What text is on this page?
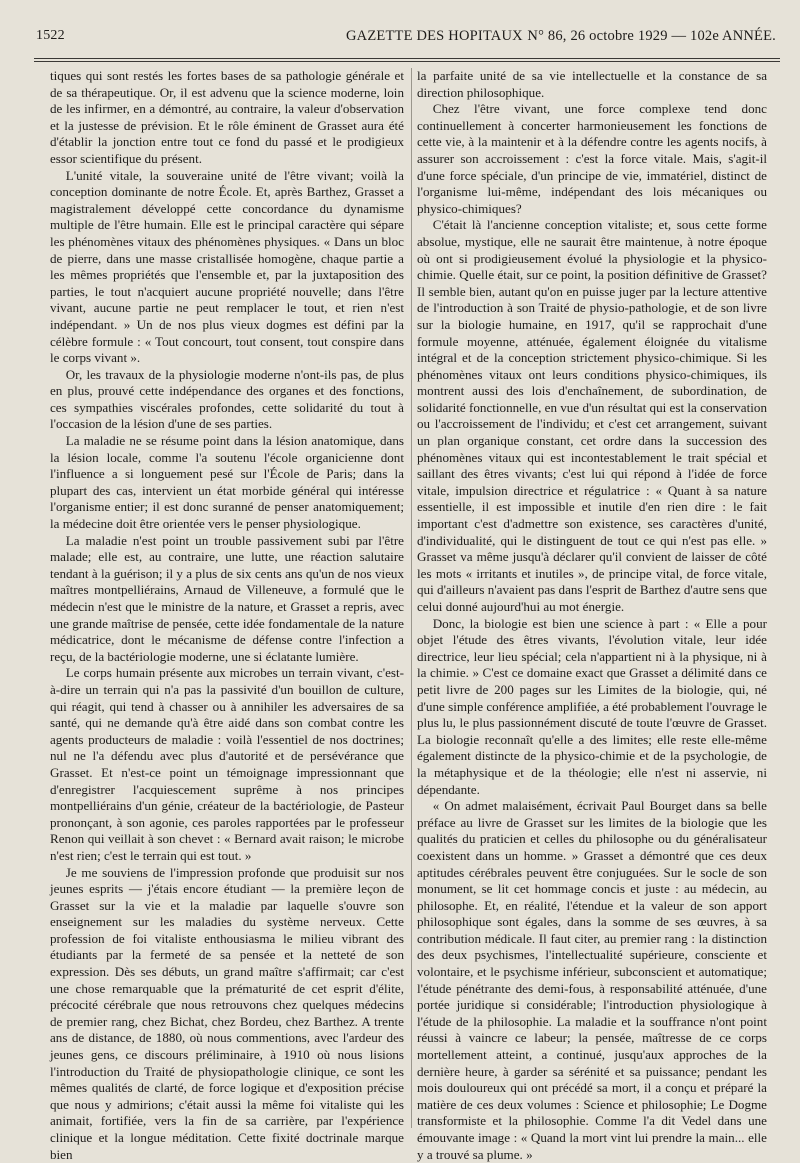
1522	GAZETTE DES HOPITAUX N° 86, 26 octobre 1929 — 102e ANNÉE.

tiques qui sont restés les fortes bases de sa pathologie générale et de sa thérapeutique. Or, il est advenu que la science moderne, loin de les infirmer, en a démontré, au contraire, la valeur d'observation et la justesse de prévision. Et le rôle éminent de Grasset aura été d'établir la jonction entre tout ce fond du passé et le prodigieux essor scientifique du présent.

L'unité vitale, la souveraine unité de l'être vivant; voilà la conception dominante de notre École. Et, après Barthez, Grasset a magistralement développé cette concordance du dynamisme multiple de l'être humain. Elle est le principal caractère qui sépare les phénomènes vitaux des phénomènes physiques. « Dans un bloc de pierre, dans une masse cristallisée homogène, chaque partie a les mêmes propriétés que l'ensemble et, par la juxtaposition des parties, le tout n'acquiert aucune propriété nouvelle; dans l'être vivant, aucune partie ne peut remplacer le tout, et rien n'est indépendant. » Un de nos plus vieux dogmes est défini par la célèbre formule : « Tout concourt, tout consent, tout conspire dans le corps vivant ».

Or, les travaux de la physiologie moderne n'ont-ils pas, de plus en plus, prouvé cette indépendance des organes et des fonctions, ces sympathies viscérales profondes, cette solidarité du tout à l'occasion de la lésion d'une de ses parties.

La maladie ne se résume point dans la lésion anatomique, dans la lésion locale, comme l'a soutenu l'école organicienne dont l'influence a si longuement pesé sur l'École de Paris; dans la plupart des cas, intervient un état morbide général qui intéresse l'organisme entier; il est donc suranné de penser anatomiquement; la médecine doit être orientée vers le penser physiologique.

La maladie n'est point un trouble passivement subi par l'être malade; elle est, au contraire, une lutte, une réaction salutaire tendant à la guérison; il y a plus de six cents ans qu'un de nos vieux maîtres montpelliérains, Arnaud de Villeneuve, a formulé que le médecin n'est que le ministre de la nature, et Grasset a repris, avec une grande maîtrise de pensée, cette idée fondamentale de la nature médicatrice, dont le mécanisme de défense contre l'infection a reçu, de la bactériologie moderne, une si éclatante lumière.

Le corps humain présente aux microbes un terrain vivant, c'est-à-dire un terrain qui n'a pas la passivité d'un bouillon de culture, qui réagit, qui tend à chasser ou à annihiler les adversaires de sa santé, qui ne demande qu'à être aidé dans son combat contre les agents producteurs de maladie : voilà l'essentiel de nos doctrines; nul ne l'a défendu avec plus d'autorité et de persévérance que Grasset. Et n'est-ce point un témoignage impressionnant que d'enregistrer l'acquiescement suprême à nos principes montpelliérains d'un génie, créateur de la bactériologie, de Pasteur prononçant, à son agonie, ces paroles rapportées par le professeur Renon qui veillait à son chevet : « Bernard avait raison; le microbe n'est rien; c'est le terrain qui est tout. »

Je me souviens de l'impression profonde que produisit sur nos jeunes esprits — j'étais encore étudiant — la première leçon de Grasset sur la vie et la maladie par laquelle s'ouvre son enseignement sur les maladies du système nerveux. Cette profession de foi vitaliste enthousiasma le milieu vibrant des étudiants par la fermeté de sa pensée et la netteté de son expression. Dès ses débuts, un grand maître s'affirmait; car c'est une chose remarquable que la prématurité de cet esprit d'élite, précocité cérébrale que nous retrouvons chez quelques médecins de premier rang, chez Bichat, chez Bordeu, chez Barthez. A trente ans de distance, de 1880, où nous commentions, avec l'ardeur des jeunes gens, ce discours préliminaire, à 1910 où nous lisions l'introduction du Traité de physiopathologie clinique, ce sont les mêmes qualités de clarté, de force logique et d'exposition précise que nous y admirions; c'était aussi la même foi vitaliste qui les animait, fortifiée, vers la fin de sa carrière, par l'expérience clinique et la longue méditation. Cette fixité doctrinale marque bien

la parfaite unité de sa vie intellectuelle et la constance de sa direction philosophique.

Chez l'être vivant, une force complexe tend donc continuellement à concerter harmonieusement les fonctions de cette vie, à la maintenir et à la défendre contre les agents nocifs, à assurer son accroissement : c'est la force vitale. Mais, s'agit-il d'une force spéciale, d'un principe de vie, immatériel, distinct de l'organisme lui-même, indépendant des lois mécaniques ou physico-chimiques?

C'était là l'ancienne conception vitaliste; et, sous cette forme absolue, mystique, elle ne saurait être maintenue, à notre époque où ont si prodigieusement évolué la physiologie et la physico-chimie. Quelle était, sur ce point, la position définitive de Grasset? Il semble bien, autant qu'on en puisse juger par la lecture attentive de l'introduction à son Traité de physio-pathologie, et de son livre sur la biologie humaine, en 1917, qu'il se rapprochait d'une formule moyenne, atténuée, également éloignée du vitalisme intégral et de la conception strictement physico-chimique. Si les phénomènes vitaux ont leurs conditions physico-chimiques, ils montrent aussi des lois d'enchaînement, de subordination, de solidarité fonctionnelle, en vue d'un résultat qui est la conservation ou l'accroissement de l'individu; et c'est cet arrangement, suivant un plan organique constant, cet ordre dans la succession des phénomènes vitaux qui est incontestablement le trait spécial et saillant des êtres vivants; c'est lui qui répond à l'idée de force vitale, impulsion directrice et régulatrice : « Quant à sa nature essentielle, il est impossible et inutile d'en rien dire : le fait important c'est d'admettre son existence, ses caractères d'unité, d'individualité, qui le distinguent de tout ce qui n'est pas elle. » Grasset va même jusqu'à déclarer qu'il convient de laisser de côté les mots « irritants et inutiles », de principe vital, de force vitale, qui d'ailleurs n'avaient pas dans l'esprit de Barthez d'autre sens que celui donné aujourd'hui au mot énergie.

Donc, la biologie est bien une science à part : « Elle a pour objet l'étude des êtres vivants, l'évolution vitale, leur idée directrice, leur lieu spécial; cela n'appartient ni à la physique, ni à la chimie. » C'est ce domaine exact que Grasset a délimité dans ce petit livre de 200 pages sur les Limites de la biologie, qui, né d'une simple conférence amplifiée, a été probablement l'ouvrage le plus lu, le plus passionnément discuté de toute l'œuvre de Grasset. La biologie reconnaît qu'elle a des limites; elle reste elle-même également distincte de la physico-chimie et de la psychologie, de la métaphysique et de la théologie; elle n'est ni asservie, ni dépendante.

« On admet malaisément, écrivait Paul Bourget dans sa belle préface au livre de Grasset sur les limites de la biologie que les qualités du praticien et celles du philosophe ou du généralisateur coexistent dans un homme. » Grasset a démontré que ces deux aptitudes cérébrales peuvent être conjuguées. Sur le socle de son monument, se lit cet hommage concis et juste : au médecin, au philosophe. Et, en réalité, l'étendue et la valeur de son apport philosophique sont égales, dans la somme de ses œuvres, à sa contribution médicale. Il faut citer, au premier rang : la distinction des deux psychismes, l'intellectualité supérieure, consciente et volontaire, et le psychisme inférieur, subconscient et automatique; l'étude pénétrante des demi-fous, à responsabilité atténuée, d'une portée juridique si considérable; l'introduction physiologique à l'étude de la philosophie. La maladie et la souffrance n'ont point réussi à vaincre ce labeur; la pensée, maîtresse de ce corps mortellement atteint, a continué, jusqu'aux approches de la dernière heure, à garder sa sérénité et sa puissance; pendant les mois douloureux qui ont précédé sa mort, il a conçu et préparé la matière de ces deux volumes : Science et philosophie; Le Dogme transformiste et la philosophie. Comme l'a dit Vedel dans une émouvante image : « Quand la mort vint lui prendre la main... elle y a trouvé sa plume. »
